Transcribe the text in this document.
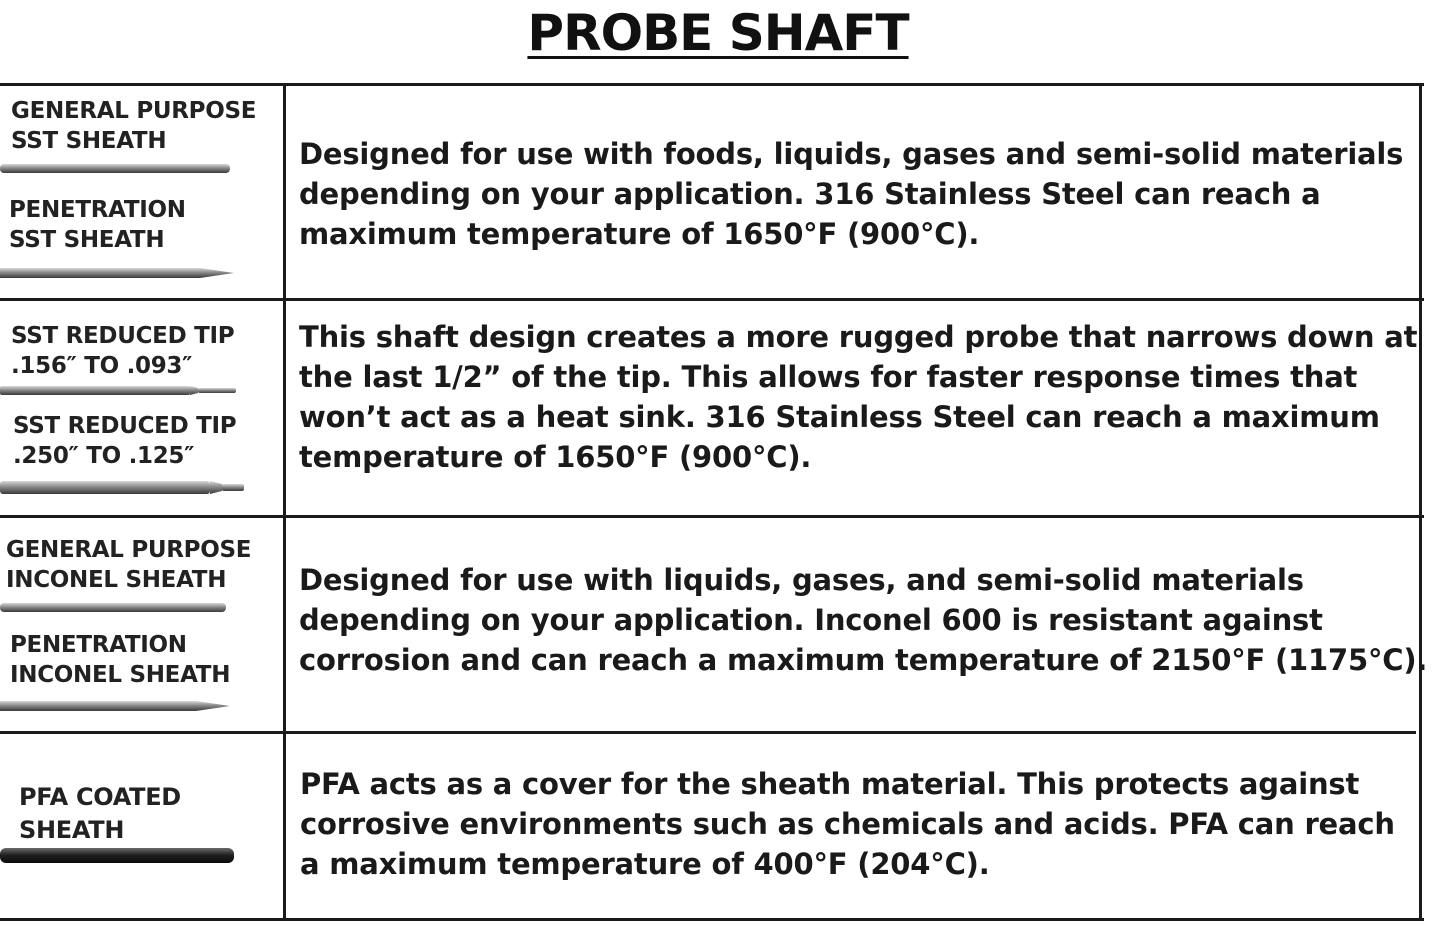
PROBE SHAFT
GENERAL PURPOSE
SST SHEATH
PENETRATION
SST SHEATH
Designed for use with foods, liquids, gases and semi-solid materials
depending on your application. 316 Stainless Steel can reach a
maximum temperature of 1650°F (900°C).
SST REDUCED TIP
.156″ TO .093″
SST REDUCED TIP
.250″ TO .125″
This shaft design creates a more rugged probe that narrows down at
the last 1/2” of the tip. This allows for faster response times that
won’t act as a heat sink. 316 Stainless Steel can reach a maximum
temperature of 1650°F (900°C).
GENERAL PURPOSE
INCONEL SHEATH
PENETRATION
INCONEL SHEATH
Designed for use with liquids, gases, and semi-solid materials
depending on your application. Inconel 600 is resistant against
corrosion and can reach a maximum temperature of 2150°F (1175°C).
PFA COATED
SHEATH
PFA acts as a cover for the sheath material. This protects against
corrosive environments such as chemicals and acids. PFA can reach
a maximum temperature of 400°F (204°C).
